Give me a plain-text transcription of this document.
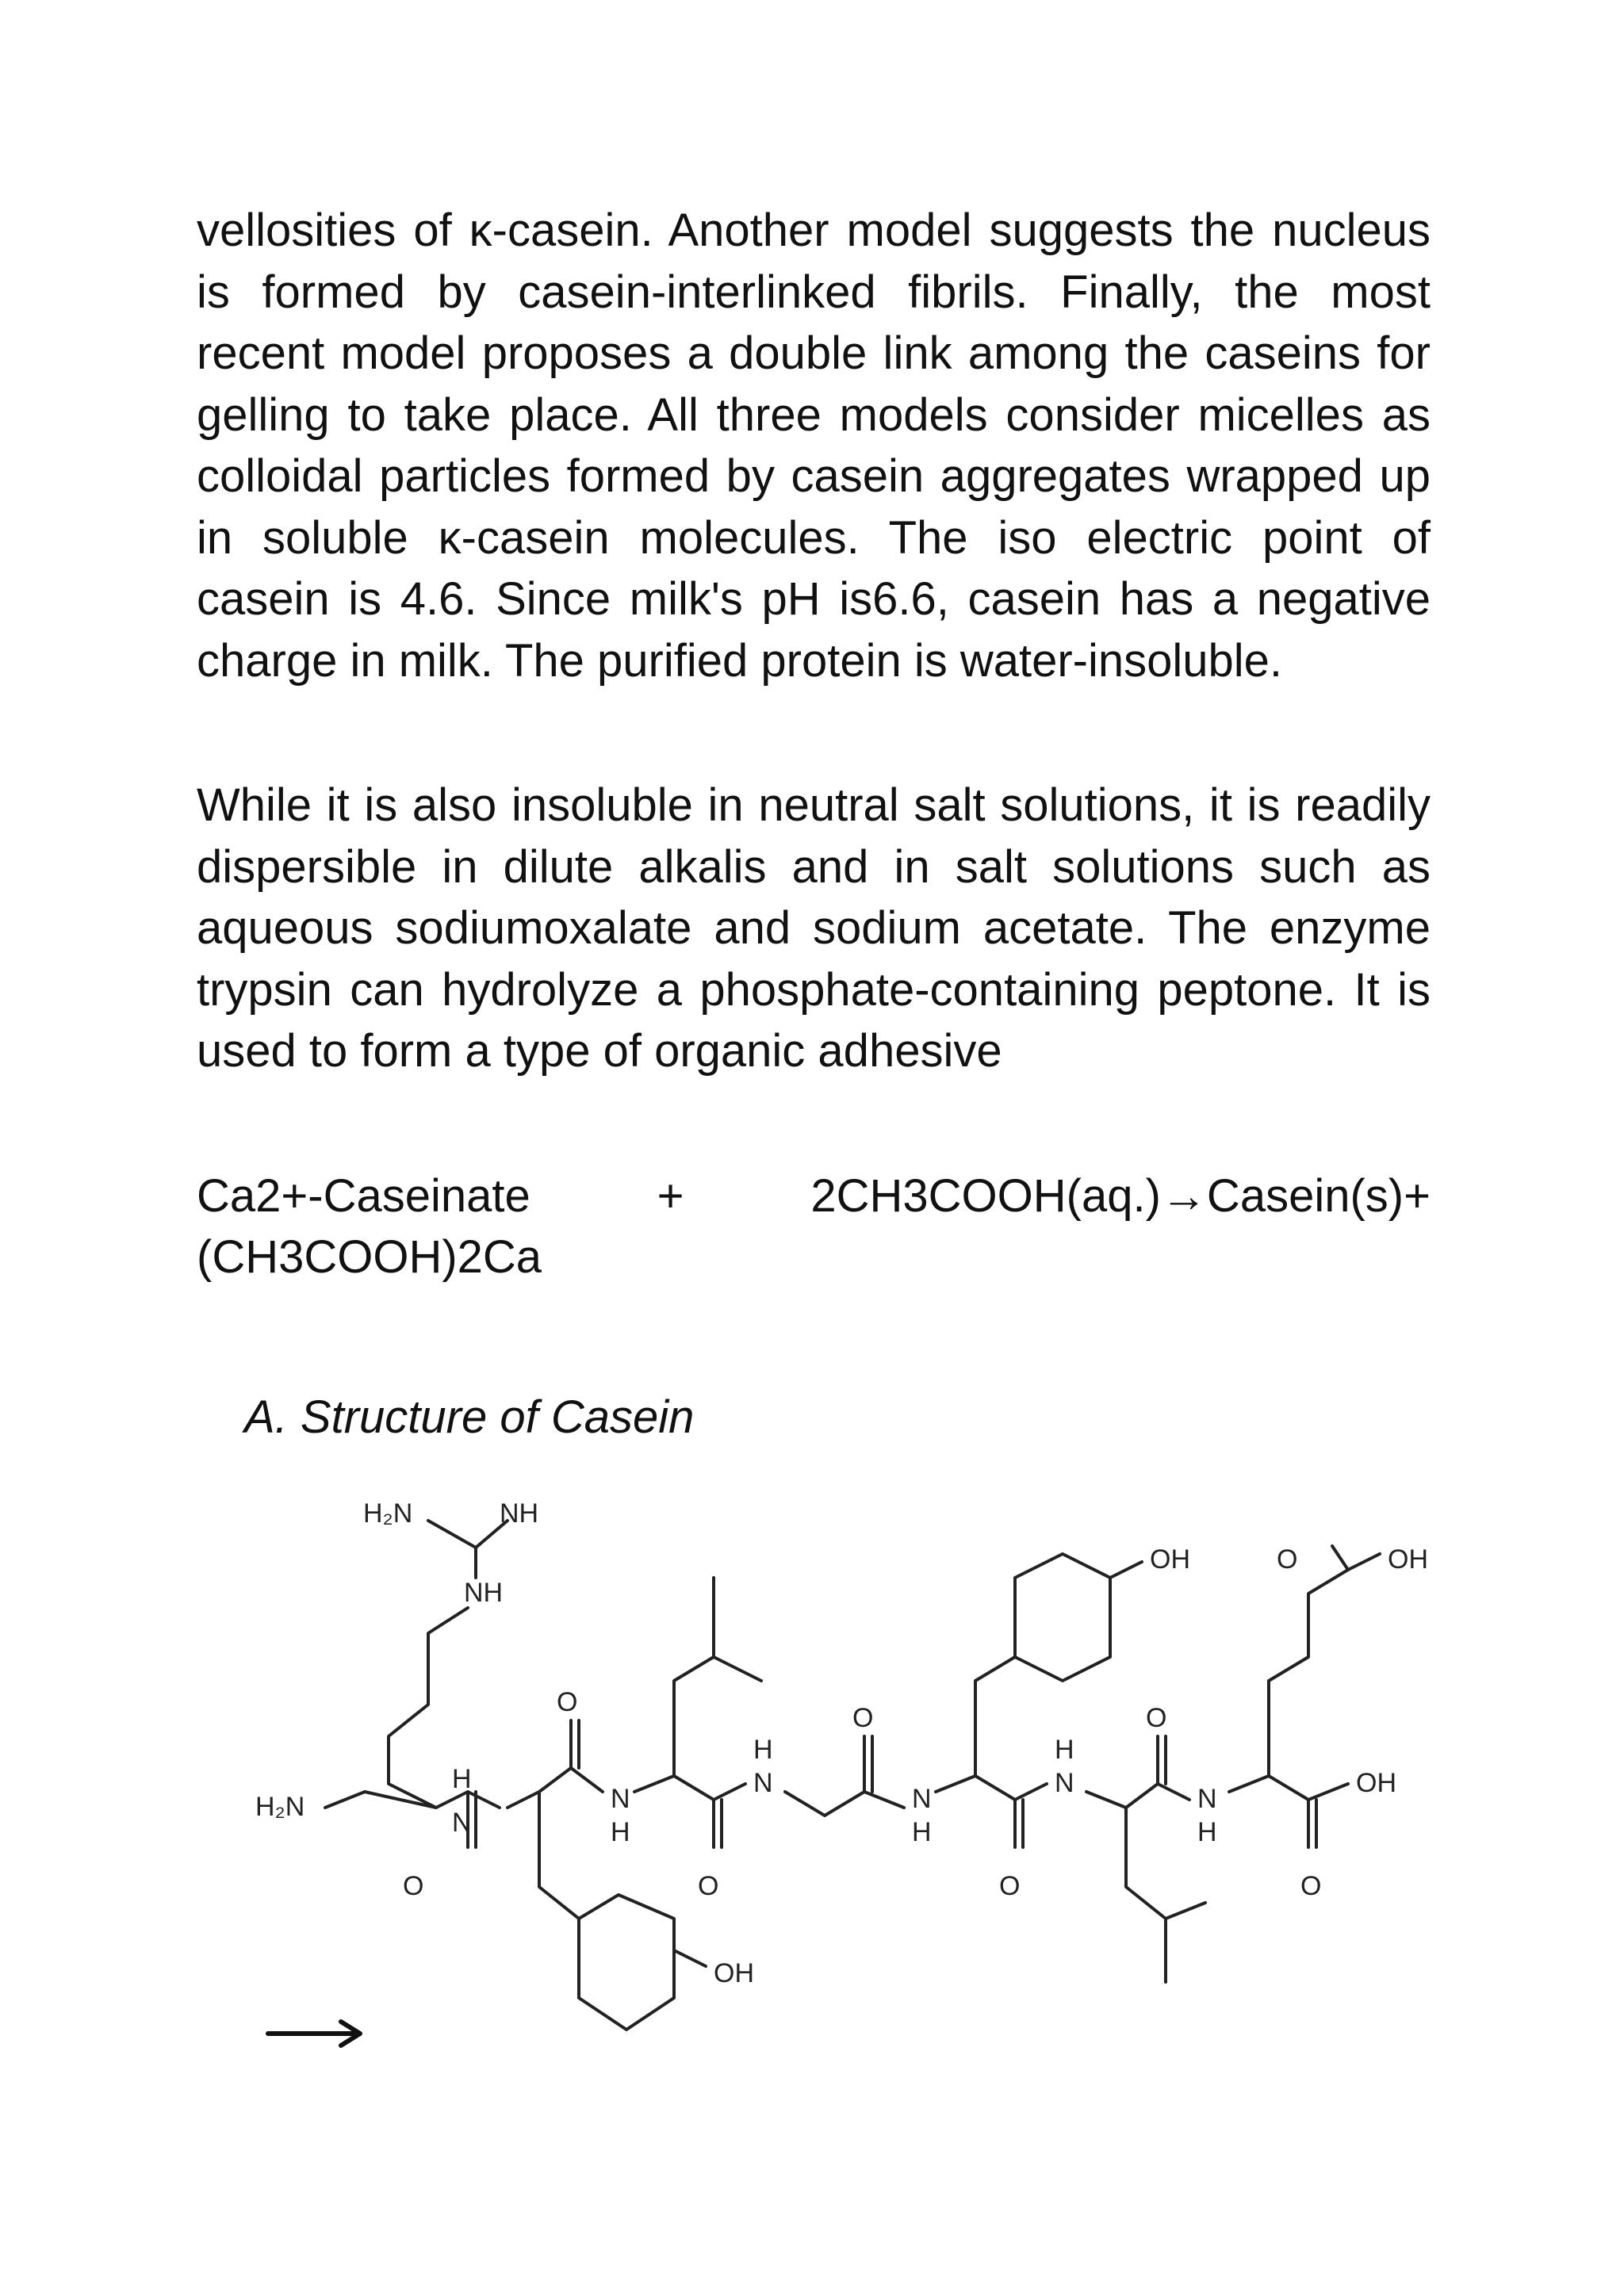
vellosities of κ-casein. Another model suggests the nucleus is formed by casein-interlinked fibrils. Finally, the most recent model proposes a double link among the caseins for gelling to take place. All three models consider micelles as colloidal particles formed by casein aggregates wrapped up in soluble κ-casein molecules. The iso electric point of casein is 4.6. Since milk's pH is6.6, casein has a negative charge in milk. The purified protein is water-insoluble.

While it is also insoluble in neutral salt solutions, it is readily dispersible in dilute alkalis and in salt solutions such as aqueous sodiumoxalate and sodium acetate. The enzyme trypsin can hydrolyze a phosphate-containing peptone. It is used to form a type of organic adhesive

Ca2+-Caseinate	+	2CH3COOH(aq.)→Casein(s)+
(CH3COOH)2Ca

A. Structure of Casein

H₂N	NH
NH
H₂N
O
N
H
OH
O
N
H
O
N
H
O
N
H
OH
O
N
H
O
N
H
O	OH
O
OH
